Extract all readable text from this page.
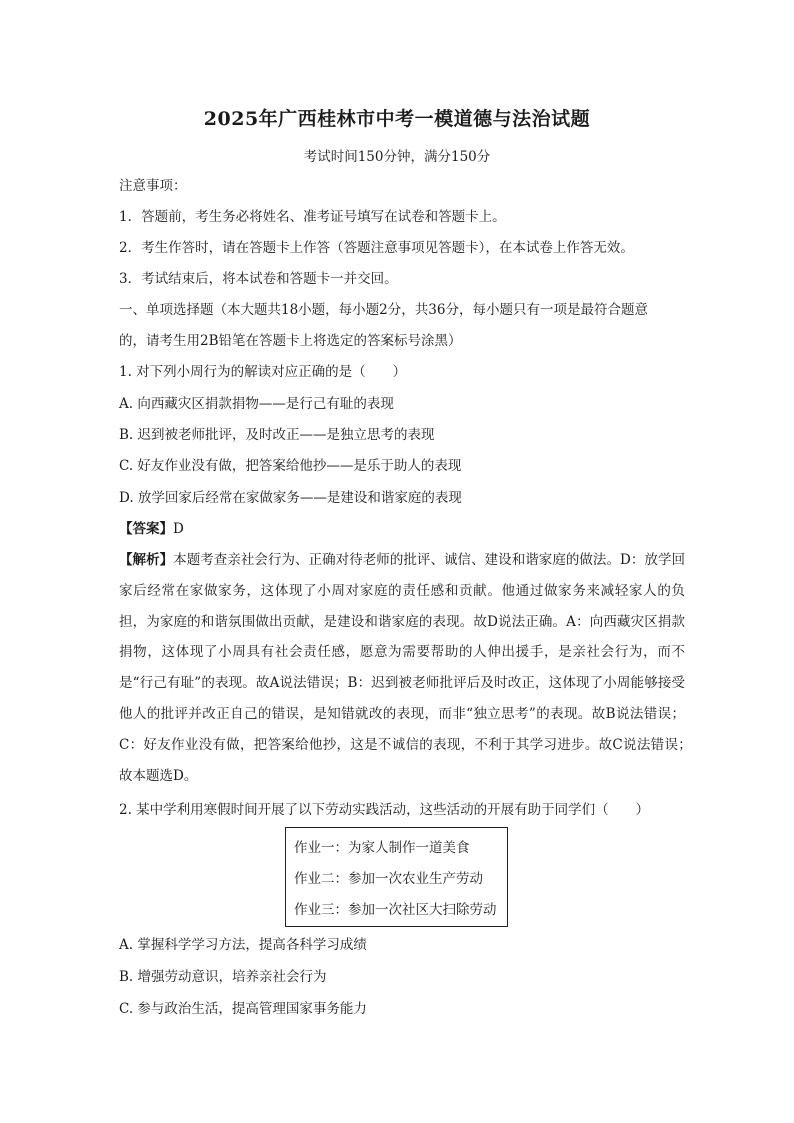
2025年广西桂林市中考一模道德与法治试题
考试时间150分钟，满分150分
注意事项：
1．答题前，考生务必将姓名、准考证号填写在试卷和答题卡上。
2．考生作答时，请在答题卡上作答（答题注意事项见答题卡），在本试卷上作答无效。
3．考试结束后，将本试卷和答题卡一并交回。
一、单项选择题（本大题共18小题，每小题2分，共36分，每小题只有一项是最符合题意
的，请考生用2B铅笔在答题卡上将选定的答案标号涂黑）
1. 对下列小周行为的解读对应正确的是（　　）
A. 向西藏灾区捐款捐物——是行己有耻的表现
B. 迟到被老师批评，及时改正——是独立思考的表现
C. 好友作业没有做，把答案给他抄——是乐于助人的表现
D. 放学回家后经常在家做家务——是建设和谐家庭的表现
【答案】D
【解析】本题考查亲社会行为、正确对待老师的批评、诚信、建设和谐家庭的做法。D：放学回家后经常在家做家务，这体现了小周对家庭的责任感和贡献。他通过做家务来减轻家人的负担，为家庭的和谐氛围做出贡献，是建设和谐家庭的表现。故D说法正确。A：向西藏灾区捐款捐物，这体现了小周具有社会责任感，愿意为需要帮助的人伸出援手，是亲社会行为，而不是“行己有耻”的表现。故A说法错误；B：迟到被老师批评后及时改正，这体现了小周能够接受他人的批评并改正自己的错误，是知错就改的表现，而非“独立思考”的表现。故B说法错误；C：好友作业没有做，把答案给他抄，这是不诚信的表现，不利于其学习进步。故C说法错误；　故本题选D。
2. 某中学利用寒假时间开展了以下劳动实践活动，这些活动的开展有助于同学们（　　）
作业一：为家人制作一道美食
作业二：参加一次农业生产劳动
作业三：参加一次社区大扫除劳动
A. 掌握科学学习方法，提高各科学习成绩
B. 增强劳动意识，培养亲社会行为
C. 参与政治生活，提高管理国家事务能力
